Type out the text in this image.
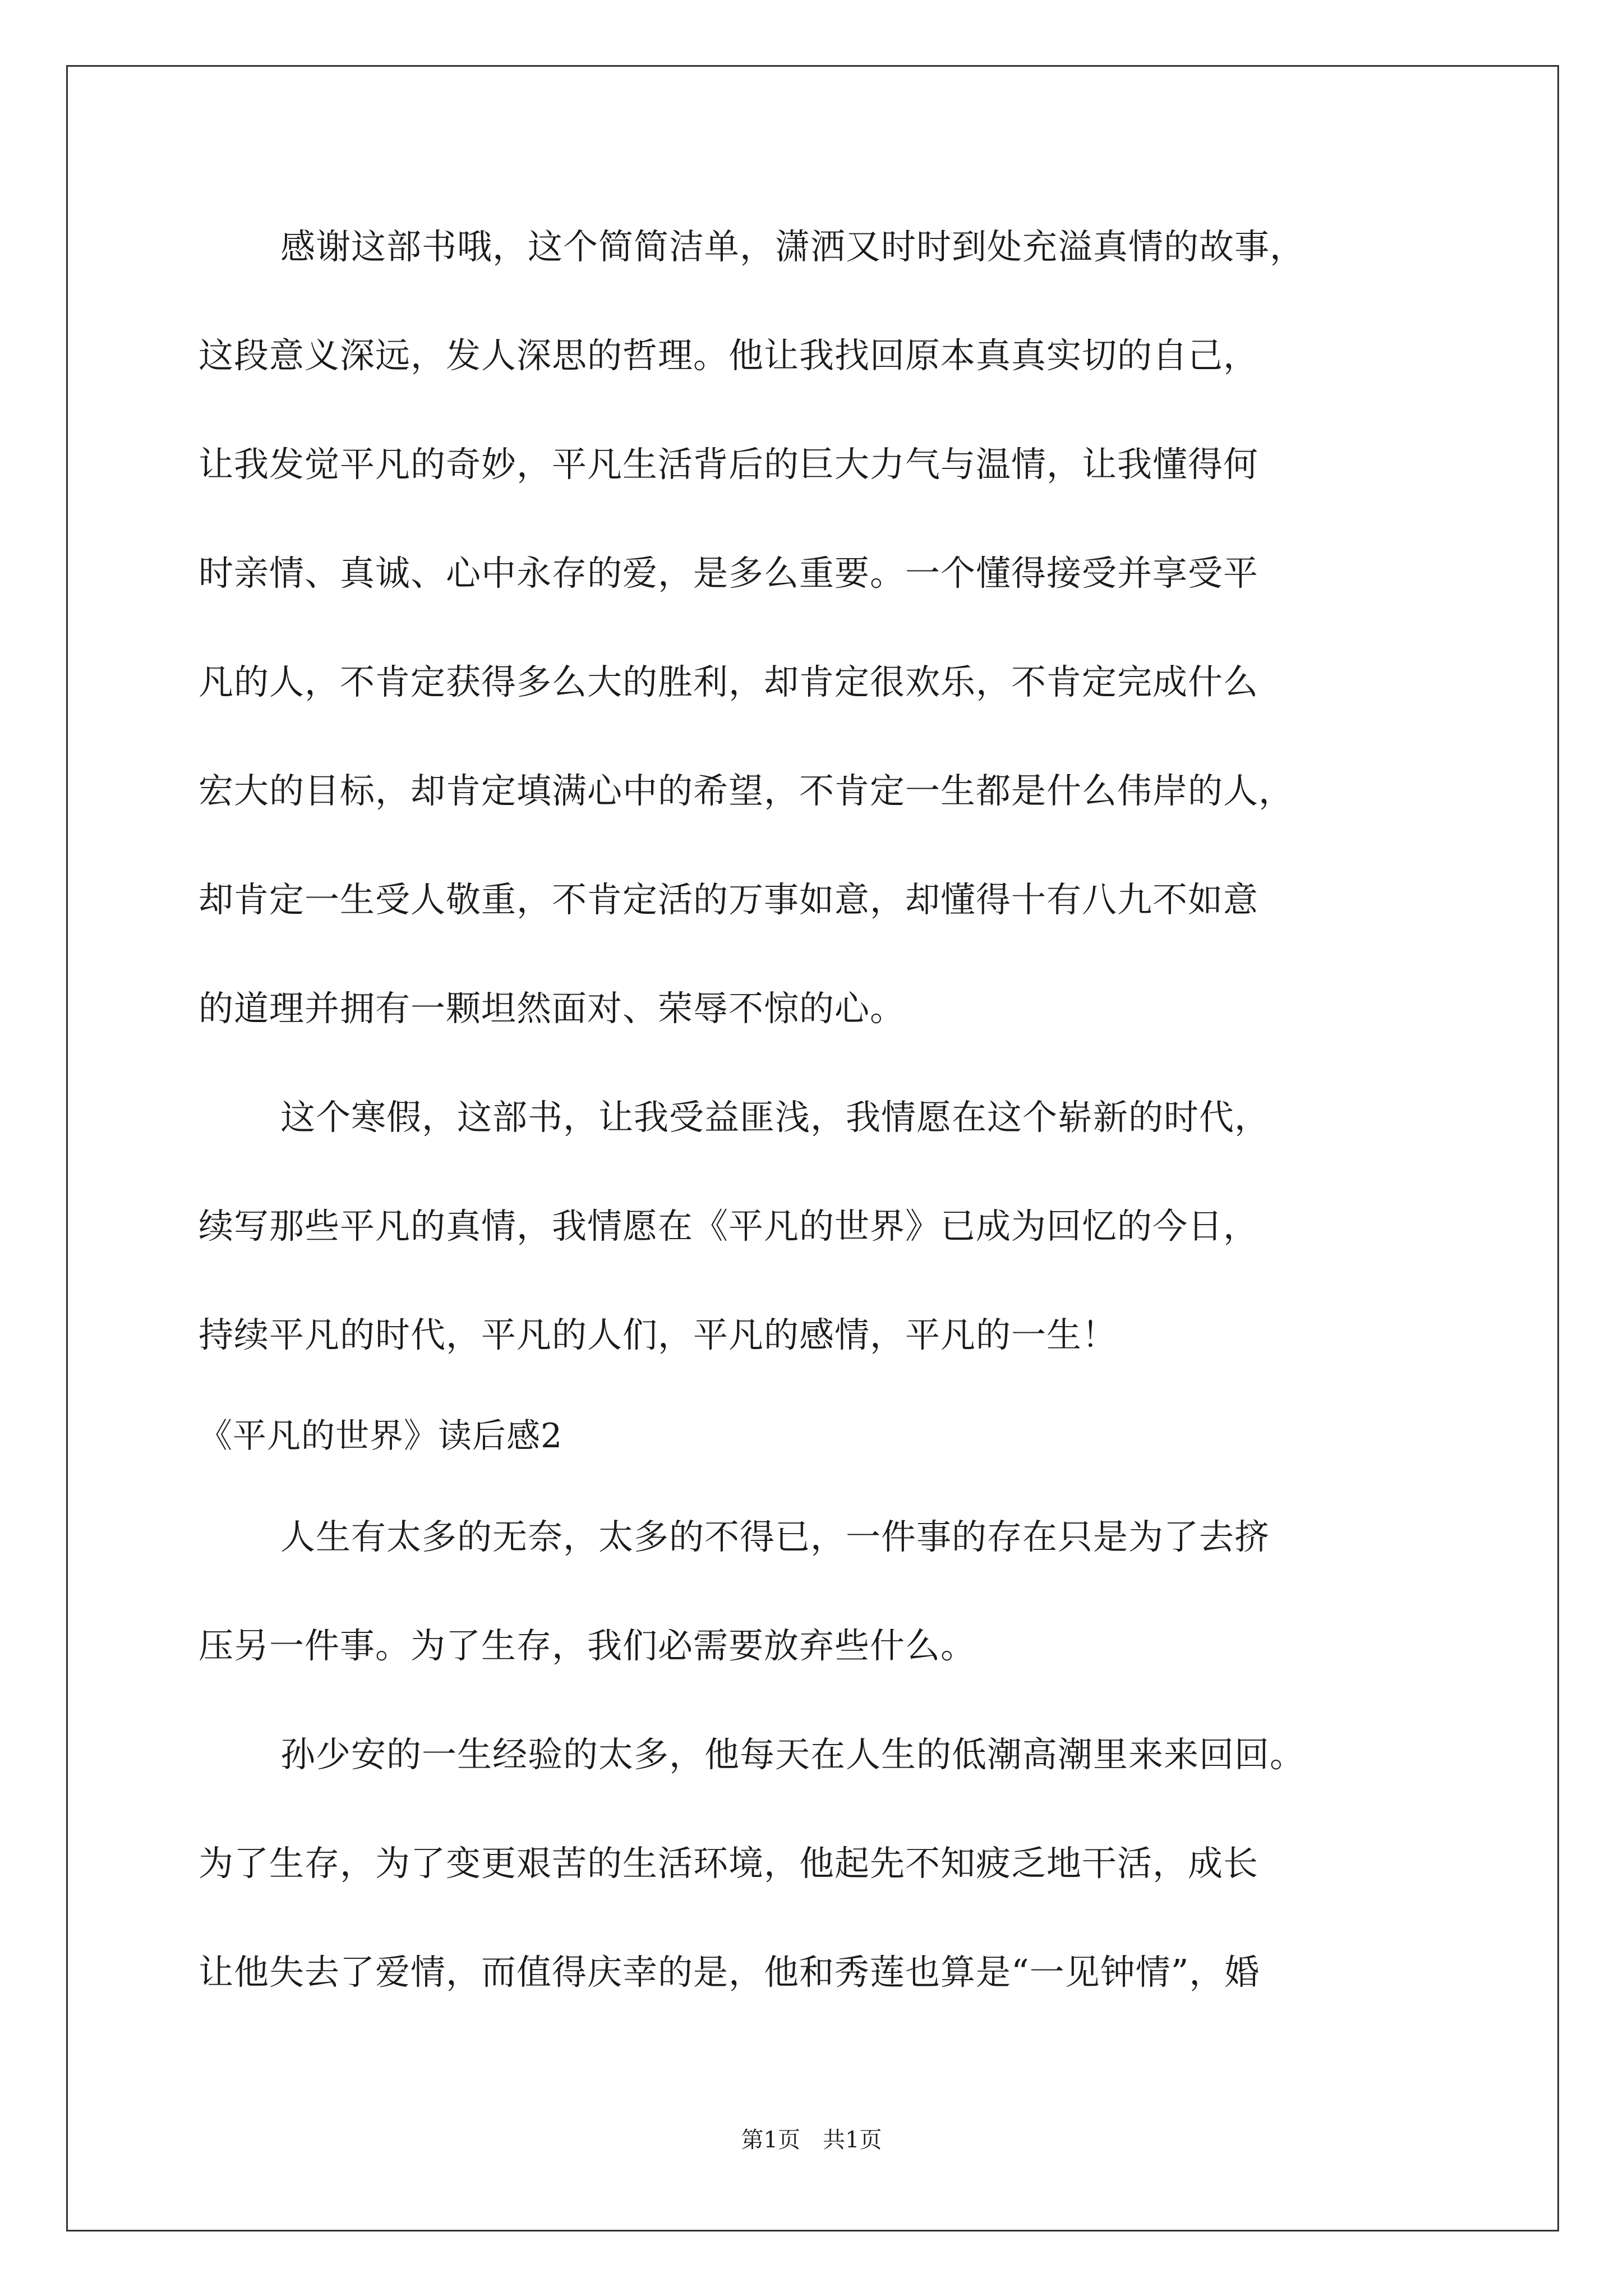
感谢这部书哦，这个简简洁单，潇洒又时时到处充溢真情的故事，
这段意义深远，发人深思的哲理。他让我找回原本真真实切的自己，
让我发觉平凡的奇妙，平凡生活背后的巨大力气与温情，让我懂得何
时亲情、真诚、心中永存的爱，是多么重要。一个懂得接受并享受平
凡的人，不肯定获得多么大的胜利，却肯定很欢乐，不肯定完成什么
宏大的目标，却肯定填满心中的希望，不肯定一生都是什么伟岸的人，
却肯定一生受人敬重，不肯定活的万事如意，却懂得十有八九不如意
的道理并拥有一颗坦然面对、荣辱不惊的心。
这个寒假，这部书，让我受益匪浅，我情愿在这个崭新的时代，
续写那些平凡的真情，我情愿在《平凡的世界》已成为回忆的今日，
持续平凡的时代，平凡的人们，平凡的感情，平凡的一生！
《平凡的世界》读后感2
人生有太多的无奈，太多的不得已，一件事的存在只是为了去挤
压另一件事。为了生存，我们必需要放弃些什么。
孙少安的一生经验的太多，他每天在人生的低潮高潮里来来回回。
为了生存，为了变更艰苦的生活环境，他起先不知疲乏地干活，成长
让他失去了爱情，而值得庆幸的是，他和秀莲也算是“一见钟情”，婚
第1页　共1页
